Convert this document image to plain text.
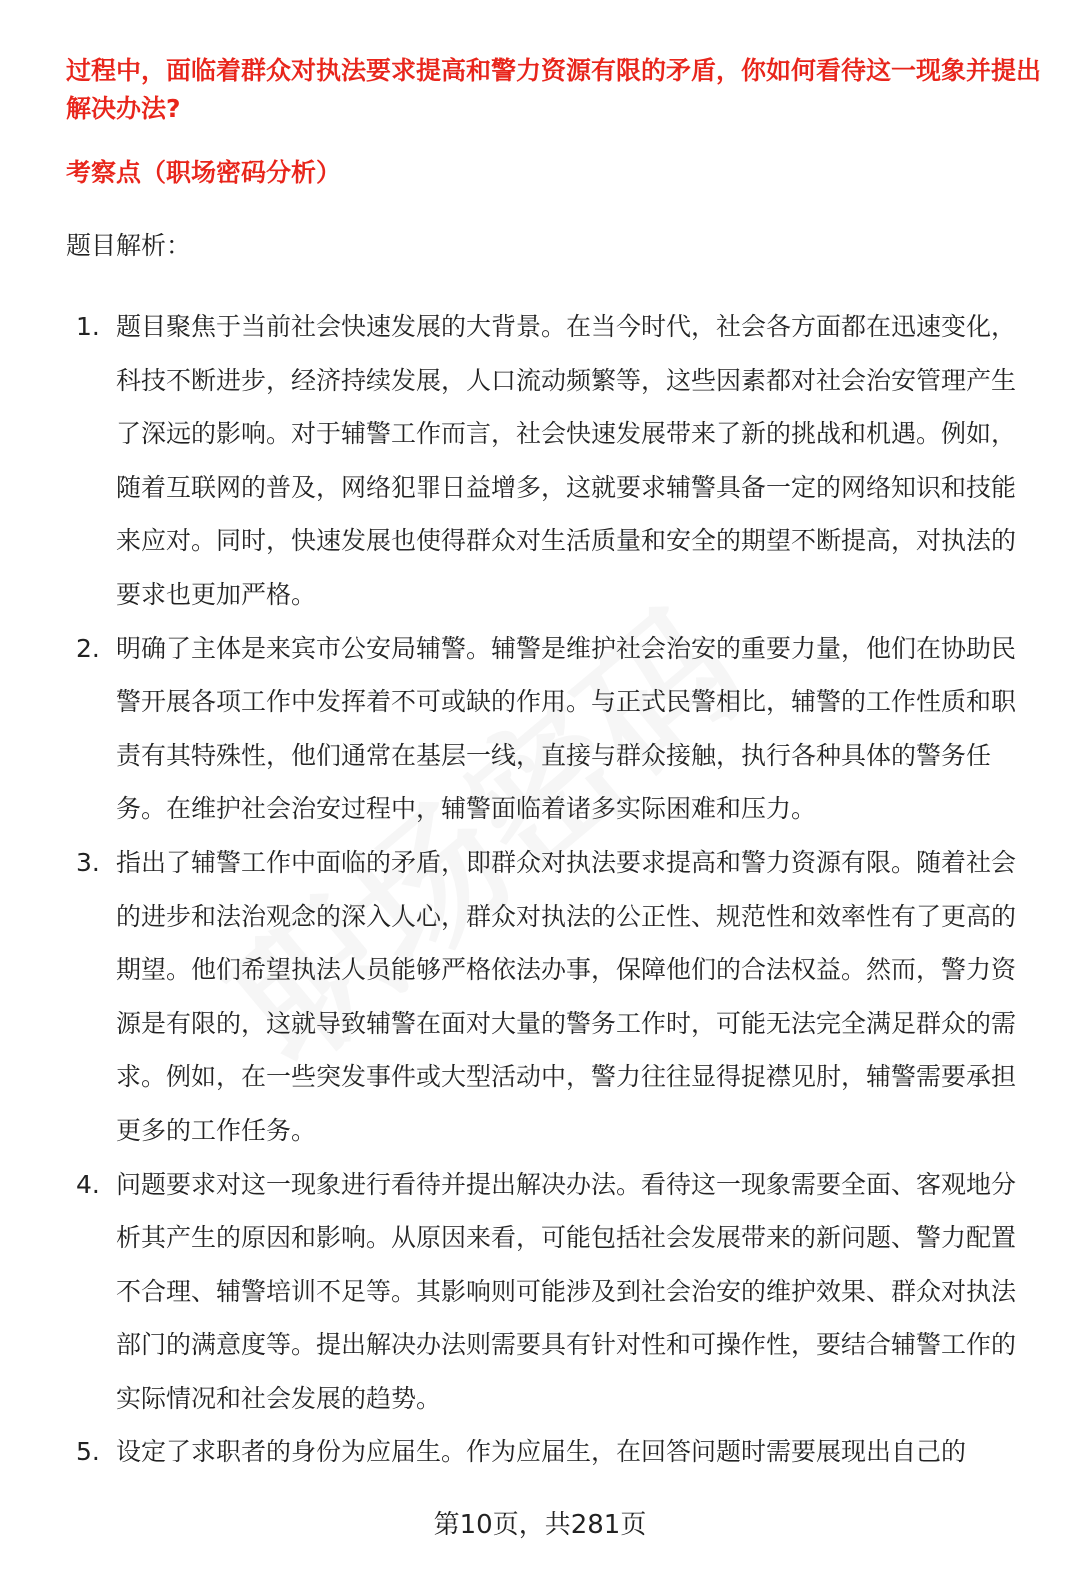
过程中，面临着群众对执法要求提高和警力资源有限的矛盾，你如何看待这一现象并提出解决办法?

考察点（职场密码分析）

题目解析：

1. 题目聚焦于当前社会快速发展的大背景。在当今时代，社会各方面都在迅速变化，科技不断进步，经济持续发展，人口流动频繁等，这些因素都对社会治安管理产生了深远的影响。对于辅警工作而言，社会快速发展带来了新的挑战和机遇。例如，随着互联网的普及，网络犯罪日益增多，这就要求辅警具备一定的网络知识和技能来应对。同时，快速发展也使得群众对生活质量和安全的期望不断提高，对执法的要求也更加严格。
2. 明确了主体是来宾市公安局辅警。辅警是维护社会治安的重要力量，他们在协助民警开展各项工作中发挥着不可或缺的作用。与正式民警相比，辅警的工作性质和职责有其特殊性，他们通常在基层一线，直接与群众接触，执行各种具体的警务任务。在维护社会治安过程中，辅警面临着诸多实际困难和压力。
3. 指出了辅警工作中面临的矛盾，即群众对执法要求提高和警力资源有限。随着社会的进步和法治观念的深入人心，群众对执法的公正性、规范性和效率性有了更高的期望。他们希望执法人员能够严格依法办事，保障他们的合法权益。然而，警力资源是有限的，这就导致辅警在面对大量的警务工作时，可能无法完全满足群众的需求。例如，在一些突发事件或大型活动中，警力往往显得捉襟见肘，辅警需要承担更多的工作任务。
4. 问题要求对这一现象进行看待并提出解决办法。看待这一现象需要全面、客观地分析其产生的原因和影响。从原因来看，可能包括社会发展带来的新问题、警力配置不合理、辅警培训不足等。其影响则可能涉及到社会治安的维护效果、群众对执法部门的满意度等。提出解决办法则需要具有针对性和可操作性，要结合辅警工作的实际情况和社会发展的趋势。
5. 设定了求职者的身份为应届生。作为应届生，在回答问题时需要展现出自己的
第10页，共281页
